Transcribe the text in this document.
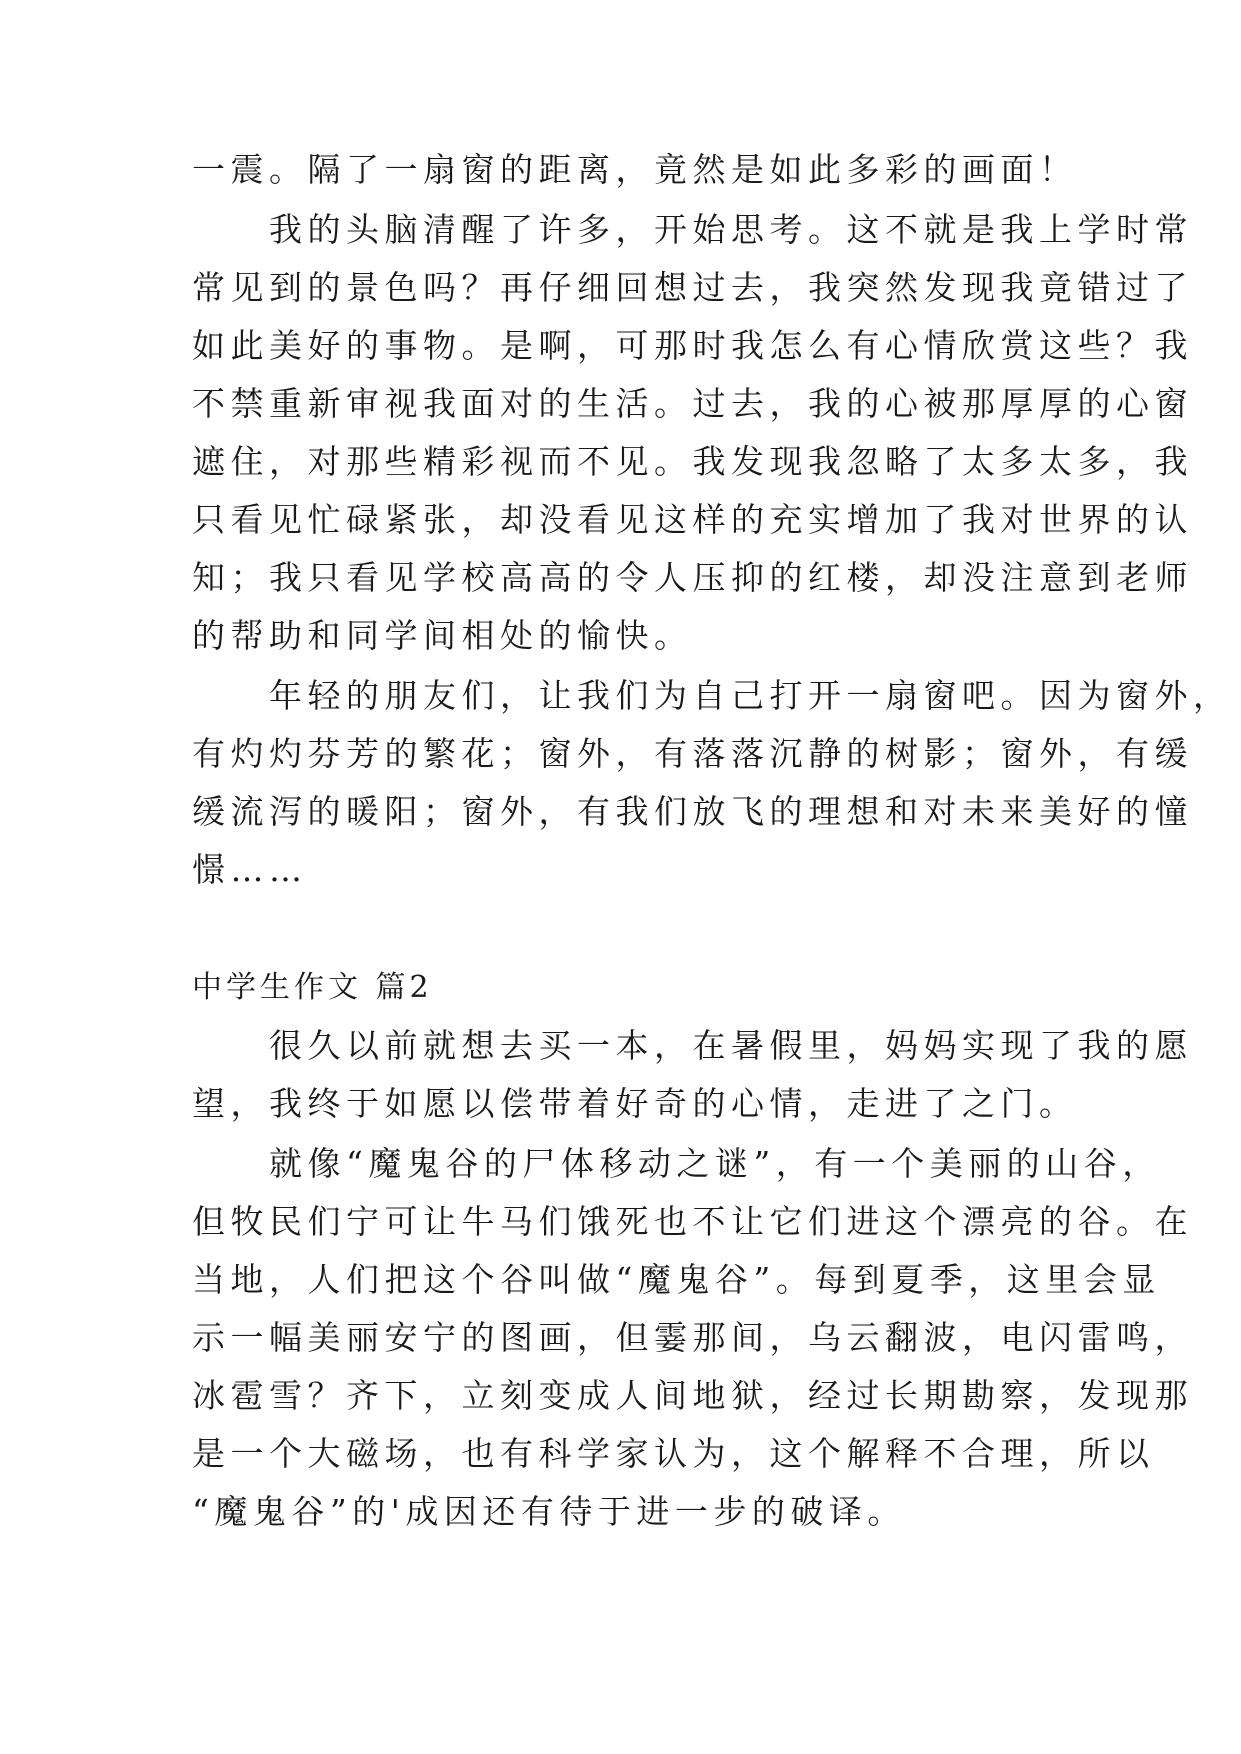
一震。隔了一扇窗的距离，竟然是如此多彩的画面！
　　我的头脑清醒了许多，开始思考。这不就是我上学时常
常见到的景色吗？再仔细回想过去，我突然发现我竟错过了
如此美好的事物。是啊，可那时我怎么有心情欣赏这些？我
不禁重新审视我面对的生活。过去，我的心被那厚厚的心窗
遮住，对那些精彩视而不见。我发现我忽略了太多太多，我
只看见忙碌紧张，却没看见这样的充实增加了我对世界的认
知；我只看见学校高高的令人压抑的红楼，却没注意到老师
的帮助和同学间相处的愉快。
　　年轻的朋友们，让我们为自己打开一扇窗吧。因为窗外，
有灼灼芬芳的繁花；窗外，有落落沉静的树影；窗外，有缓
缓流泻的暖阳；窗外，有我们放飞的理想和对未来美好的憧
憬……
中学生作文 篇2
　　很久以前就想去买一本，在暑假里，妈妈实现了我的愿
望，我终于如愿以偿带着好奇的心情，走进了之门。
　　就像“魔鬼谷的尸体移动之谜”，有一个美丽的山谷，
但牧民们宁可让牛马们饿死也不让它们进这个漂亮的谷。在
当地，人们把这个谷叫做“魔鬼谷”。每到夏季，这里会显
示一幅美丽安宁的图画，但霎那间，乌云翻波，电闪雷鸣，
冰雹雪？齐下，立刻变成人间地狱，经过长期勘察，发现那
是一个大磁场，也有科学家认为，这个解释不合理，所以
“魔鬼谷”的'成因还有待于进一步的破译。
